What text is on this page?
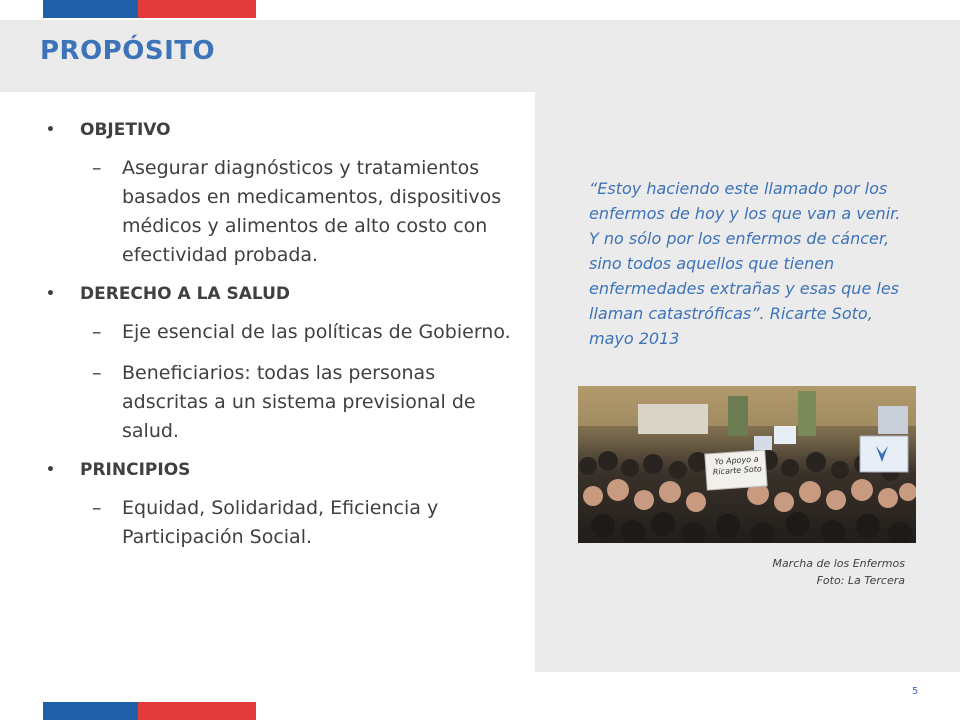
PROPÓSITO

• OBJETIVO

– Asegurar diagnósticos y tratamientos basados en medicamentos, dispositivos médicos y alimentos de alto costo con efectividad probada.

• DERECHO A LA SALUD

– Eje esencial de las políticas de Gobierno.

– Beneficiarios: todas las personas adscritas a un sistema previsional de salud.

• PRINCIPIOS

– Equidad, Solidaridad, Eficiencia y Participación Social.

“Estoy haciendo este llamado por los enfermos de hoy y los que van a venir. Y no sólo por los enfermos de cáncer, sino todos aquellos que tienen enfermedades extrañas y esas que les llaman catastróficas”. Ricarte Soto, mayo 2013
Yo Apoyo a Ricarte Soto
Marcha de los Enfermos
Foto: La Tercera
5
